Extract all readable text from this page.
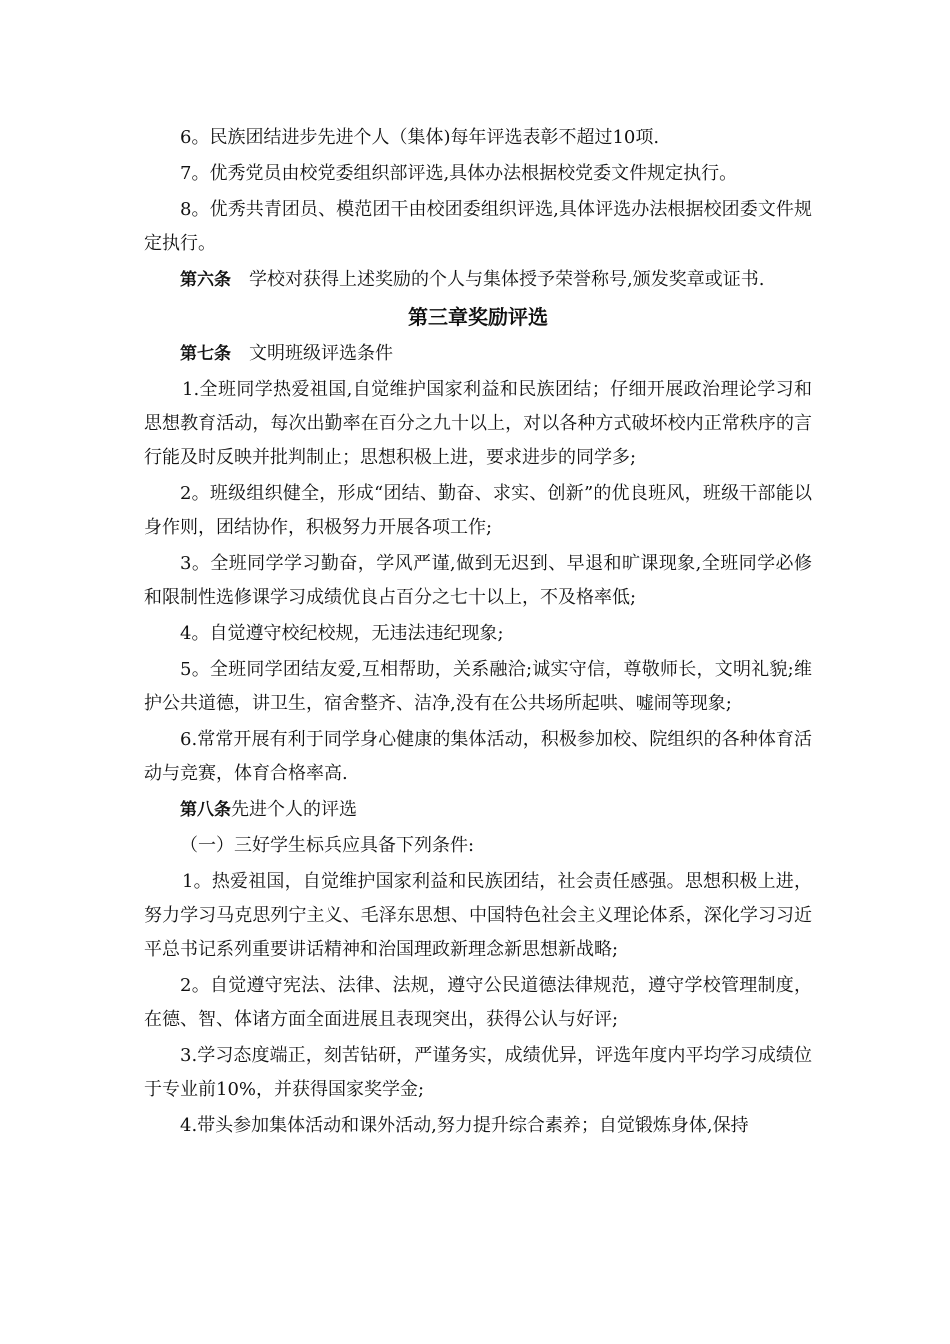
6。民族团结进步先进个人（集体)每年评选表彰不超过10项.

7。优秀党员由校党委组织部评选,具体办法根据校党委文件规定执行。

8。优秀共青团员、模范团干由校团委组织评选,具体评选办法根据校团委文件规定执行。

第六条 学校对获得上述奖励的个人与集体授予荣誉称号,颁发奖章或证书.

第三章奖励评选

第七条 文明班级评选条件

1.全班同学热爱祖国,自觉维护国家利益和民族团结；仔细开展政治理论学习和思想教育活动，每次出勤率在百分之九十以上，对以各种方式破坏校内正常秩序的言行能及时反映并批判制止；思想积极上进，要求进步的同学多;

2。班级组织健全，形成“团结、勤奋、求实、创新”的优良班风，班级干部能以身作则，团结协作，积极努力开展各项工作;

3。全班同学学习勤奋，学风严谨,做到无迟到、早退和旷课现象,全班同学必修和限制性选修课学习成绩优良占百分之七十以上，不及格率低;

4。自觉遵守校纪校规，无违法违纪现象;

5。全班同学团结友爱,互相帮助，关系融洽;诚实守信，尊敬师长，文明礼貌;维护公共道德，讲卫生，宿舍整齐、洁净,没有在公共场所起哄、嘘闹等现象;

6.常常开展有利于同学身心健康的集体活动，积极参加校、院组织的各种体育活动与竞赛，体育合格率高.

第八条先进个人的评选

（一）三好学生标兵应具备下列条件:

1。热爱祖国，自觉维护国家利益和民族团结，社会责任感强。思想积极上进，努力学习马克思列宁主义、毛泽东思想、中国特色社会主义理论体系，深化学习习近平总书记系列重要讲话精神和治国理政新理念新思想新战略;

2。自觉遵守宪法、法律、法规，遵守公民道德法律规范，遵守学校管理制度，在德、智、体诸方面全面进展且表现突出，获得公认与好评;

3.学习态度端正，刻苦钻研，严谨务实，成绩优异，评选年度内平均学习成绩位于专业前10%，并获得国家奖学金;

4.带头参加集体活动和课外活动,努力提升综合素养；自觉锻炼身体,保持
